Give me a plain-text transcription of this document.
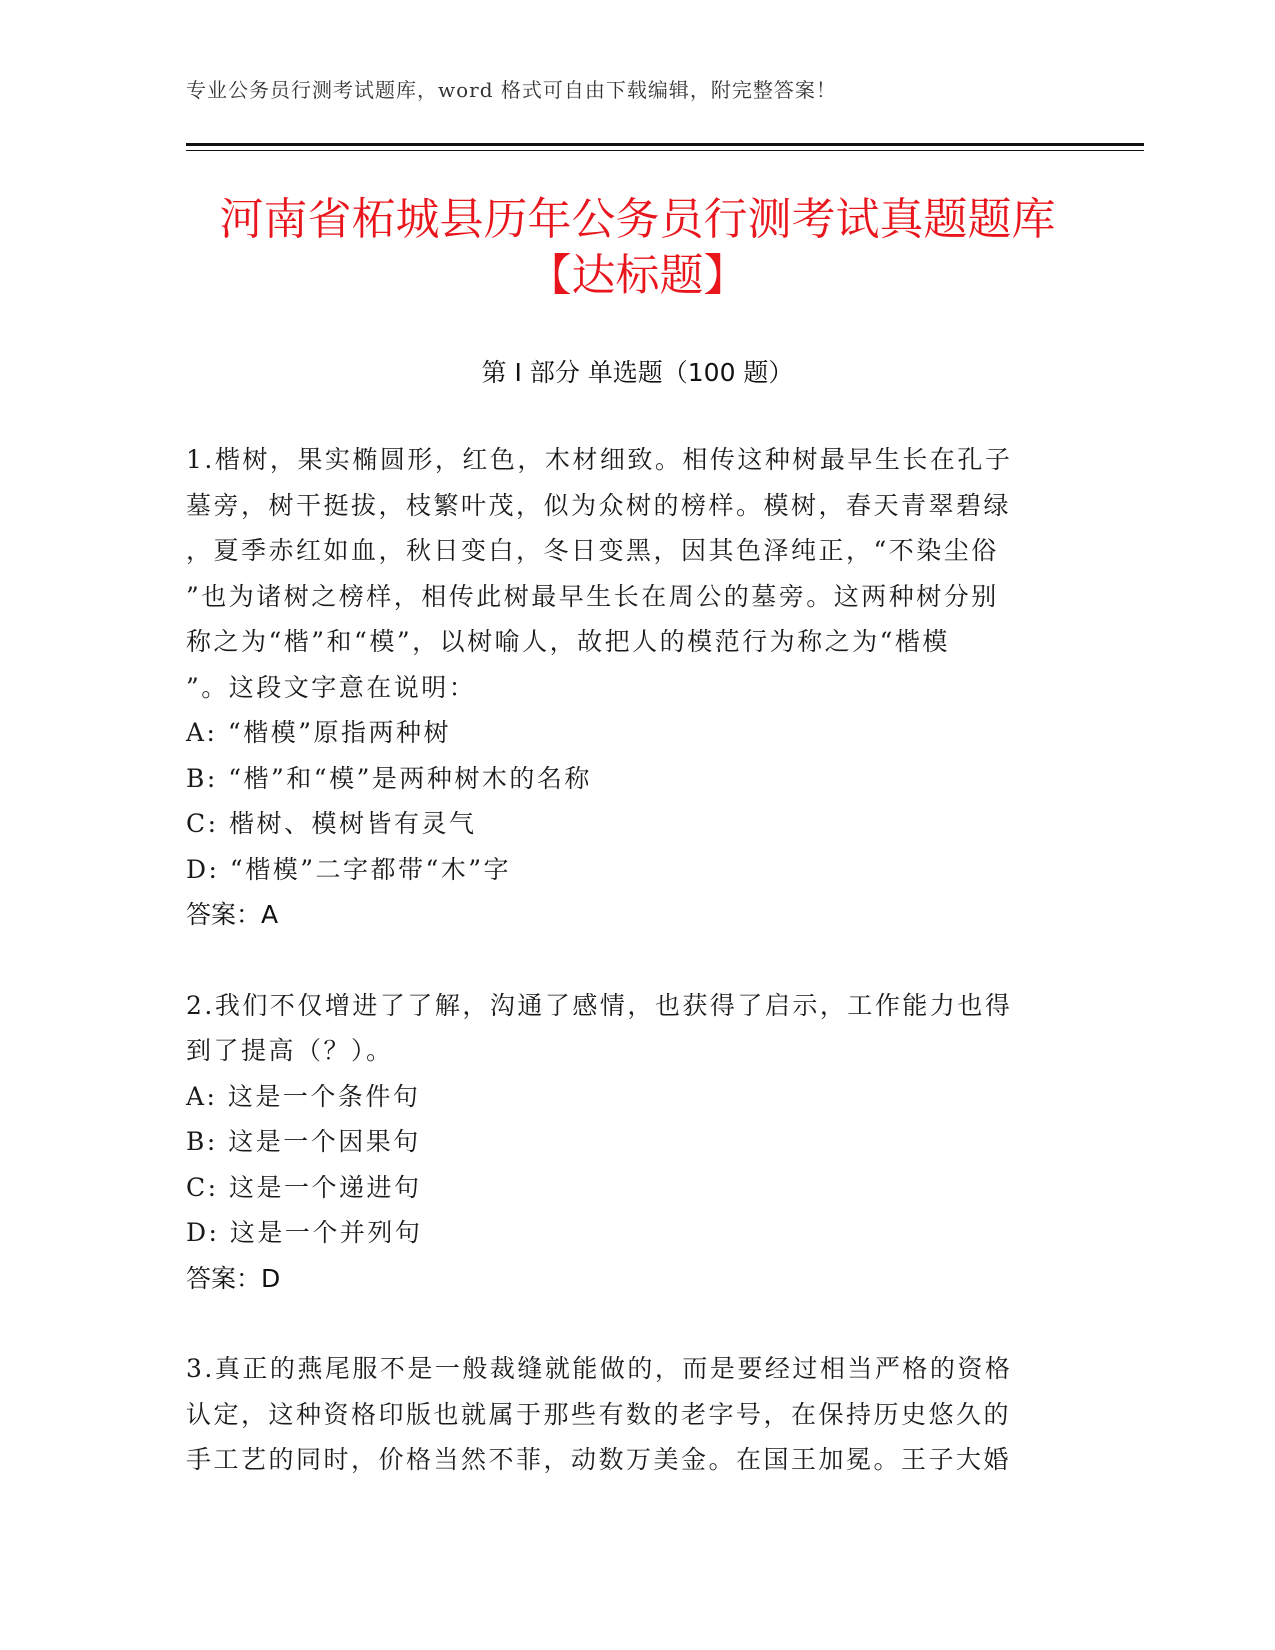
专业公务员行测考试题库，word 格式可自由下载编辑，附完整答案！
河南省柘城县历年公务员行测考试真题题库
【达标题】
第 I 部分 单选题（100 题）
1.楷树，果实椭圆形，红色，木材细致。相传这种树最早生长在孔子
墓旁，树干挺拔，枝繁叶茂，似为众树的榜样。模树，春天青翠碧绿
，夏季赤红如血，秋日变白，冬日变黑，因其色泽纯正，“不染尘俗
”也为诸树之榜样，相传此树最早生长在周公的墓旁。这两种树分别
称之为“楷”和“模”，以树喻人，故把人的模范行为称之为“楷模
”。这段文字意在说明：
A: “楷模”原指两种树
B: “楷”和“模”是两种树木的名称
C: 楷树、模树皆有灵气
D: “楷模”二字都带“木”字
答案：A
2.我们不仅增进了了解，沟通了感情，也获得了启示，工作能力也得
到了提高（？）。
A: 这是一个条件句
B: 这是一个因果句
C: 这是一个递进句
D: 这是一个并列句
答案：D
3.真正的燕尾服不是一般裁缝就能做的，而是要经过相当严格的资格
认定，这种资格印版也就属于那些有数的老字号，在保持历史悠久的
手工艺的同时，价格当然不菲，动数万美金。在国王加冕。王子大婚
